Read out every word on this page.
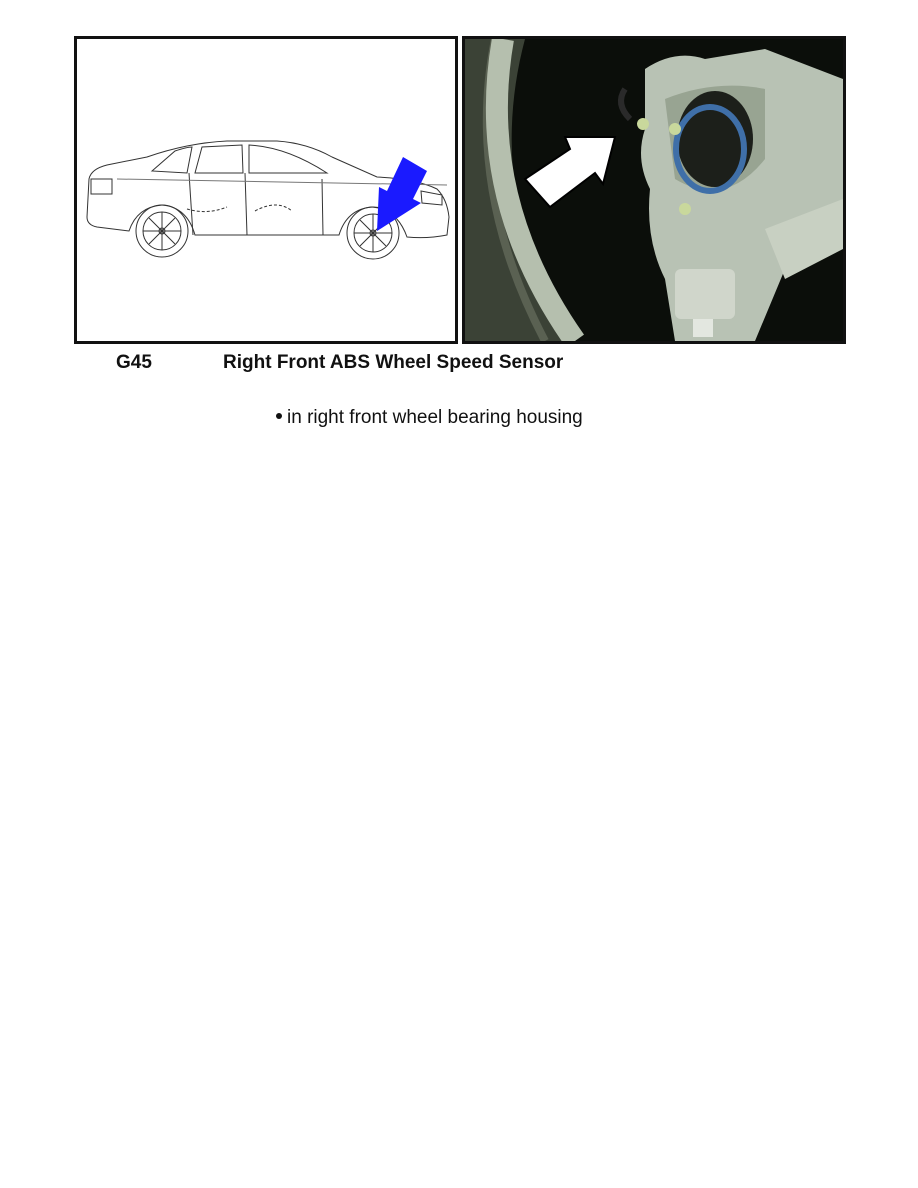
G45	Right Front ABS Wheel Speed Sensor
in right front wheel bearing housing
